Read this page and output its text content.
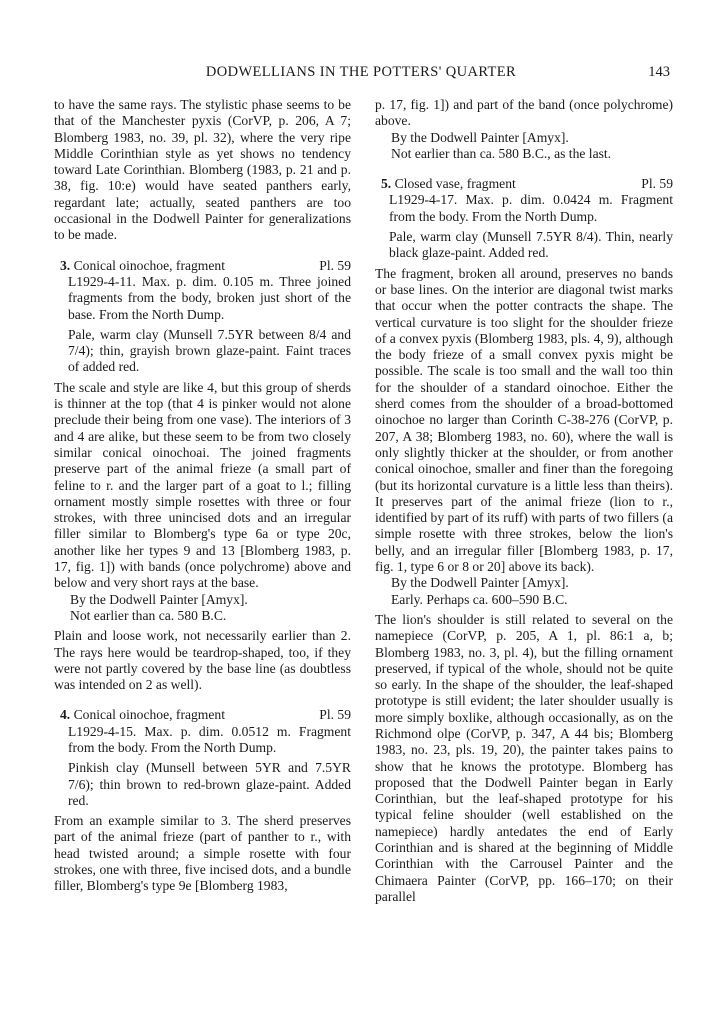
DODWELLIANS IN THE POTTERS' QUARTER	143

to have the same rays. The stylistic phase seems to be that of the Manchester pyxis (CorVP, p. 206, A 7; Blomberg 1983, no. 39, pl. 32), where the very ripe Middle Corinthian style as yet shows no tendency toward Late Corinthian. Blomberg (1983, p. 21 and p. 38, fig. 10:e) would have seated panthers early, regardant late; actually, seated panthers are too occasional in the Dodwell Painter for generalizations to be made.

3. Conical oinochoe, fragment	Pl. 59

L1929-4-11. Max. p. dim. 0.105 m. Three joined fragments from the body, broken just short of the base. From the North Dump.

Pale, warm clay (Munsell 7.5YR between 8/4 and 7/4); thin, grayish brown glaze-paint. Faint traces of added red.

The scale and style are like 4, but this group of sherds is thinner at the top (that 4 is pinker would not alone preclude their being from one vase). The interiors of 3 and 4 are alike, but these seem to be from two closely similar conical oinochoai. The joined fragments preserve part of the animal frieze (a small part of feline to r. and the larger part of a goat to l.; filling ornament mostly simple rosettes with three or four strokes, with three unincised dots and an irregular filler similar to Blomberg's type 6a or type 20c, another like her types 9 and 13 [Blomberg 1983, p. 17, fig. 1]) with bands (once polychrome) above and below and very short rays at the base.

By the Dodwell Painter [Amyx].

Not earlier than ca. 580 B.C.

Plain and loose work, not necessarily earlier than 2. The rays here would be teardrop-shaped, too, if they were not partly covered by the base line (as doubtless was intended on 2 as well).

4. Conical oinochoe, fragment	Pl. 59

L1929-4-15. Max. p. dim. 0.0512 m. Fragment from the body. From the North Dump.

Pinkish clay (Munsell between 5YR and 7.5YR 7/6); thin brown to red-brown glaze-paint. Added red.

From an example similar to 3. The sherd preserves part of the animal frieze (part of panther to r., with head twisted around; a simple rosette with four strokes, one with three, five incised dots, and a bundle filler, Blomberg's type 9e [Blomberg 1983,

p. 17, fig. 1]) and part of the band (once polychrome) above.

By the Dodwell Painter [Amyx].

Not earlier than ca. 580 B.C., as the last.

5. Closed vase, fragment	Pl. 59

L1929-4-17. Max. p. dim. 0.0424 m. Fragment from the body. From the North Dump.

Pale, warm clay (Munsell 7.5YR 8/4). Thin, nearly black glaze-paint. Added red.

The fragment, broken all around, preserves no bands or base lines. On the interior are diagonal twist marks that occur when the potter contracts the shape. The vertical curvature is too slight for the shoulder frieze of a convex pyxis (Blomberg 1983, pls. 4, 9), although the body frieze of a small convex pyxis might be possible. The scale is too small and the wall too thin for the shoulder of a standard oinochoe. Either the sherd comes from the shoulder of a broad-bottomed oinochoe no larger than Corinth C-38-276 (CorVP, p. 207, A 38; Blomberg 1983, no. 60), where the wall is only slightly thicker at the shoulder, or from another conical oinochoe, smaller and finer than the foregoing (but its horizontal curvature is a little less than theirs). It preserves part of the animal frieze (lion to r., identified by part of its ruff) with parts of two fillers (a simple rosette with three strokes, below the lion's belly, and an irregular filler [Blomberg 1983, p. 17, fig. 1, type 6 or 8 or 20] above its back).

By the Dodwell Painter [Amyx].

Early. Perhaps ca. 600–590 B.C.

The lion's shoulder is still related to several on the namepiece (CorVP, p. 205, A 1, pl. 86:1 a, b; Blomberg 1983, no. 3, pl. 4), but the filling ornament preserved, if typical of the whole, should not be quite so early. In the shape of the shoulder, the leaf-shaped prototype is still evident; the later shoulder usually is more simply boxlike, although occasionally, as on the Richmond olpe (CorVP, p. 347, A 44 bis; Blomberg 1983, no. 23, pls. 19, 20), the painter takes pains to show that he knows the prototype. Blomberg has proposed that the Dodwell Painter began in Early Corinthian, but the leaf-shaped prototype for his typical feline shoulder (well established on the namepiece) hardly antedates the end of Early Corinthian and is shared at the beginning of Middle Corinthian with the Carrousel Painter and the Chimaera Painter (CorVP, pp. 166–170; on their parallel
